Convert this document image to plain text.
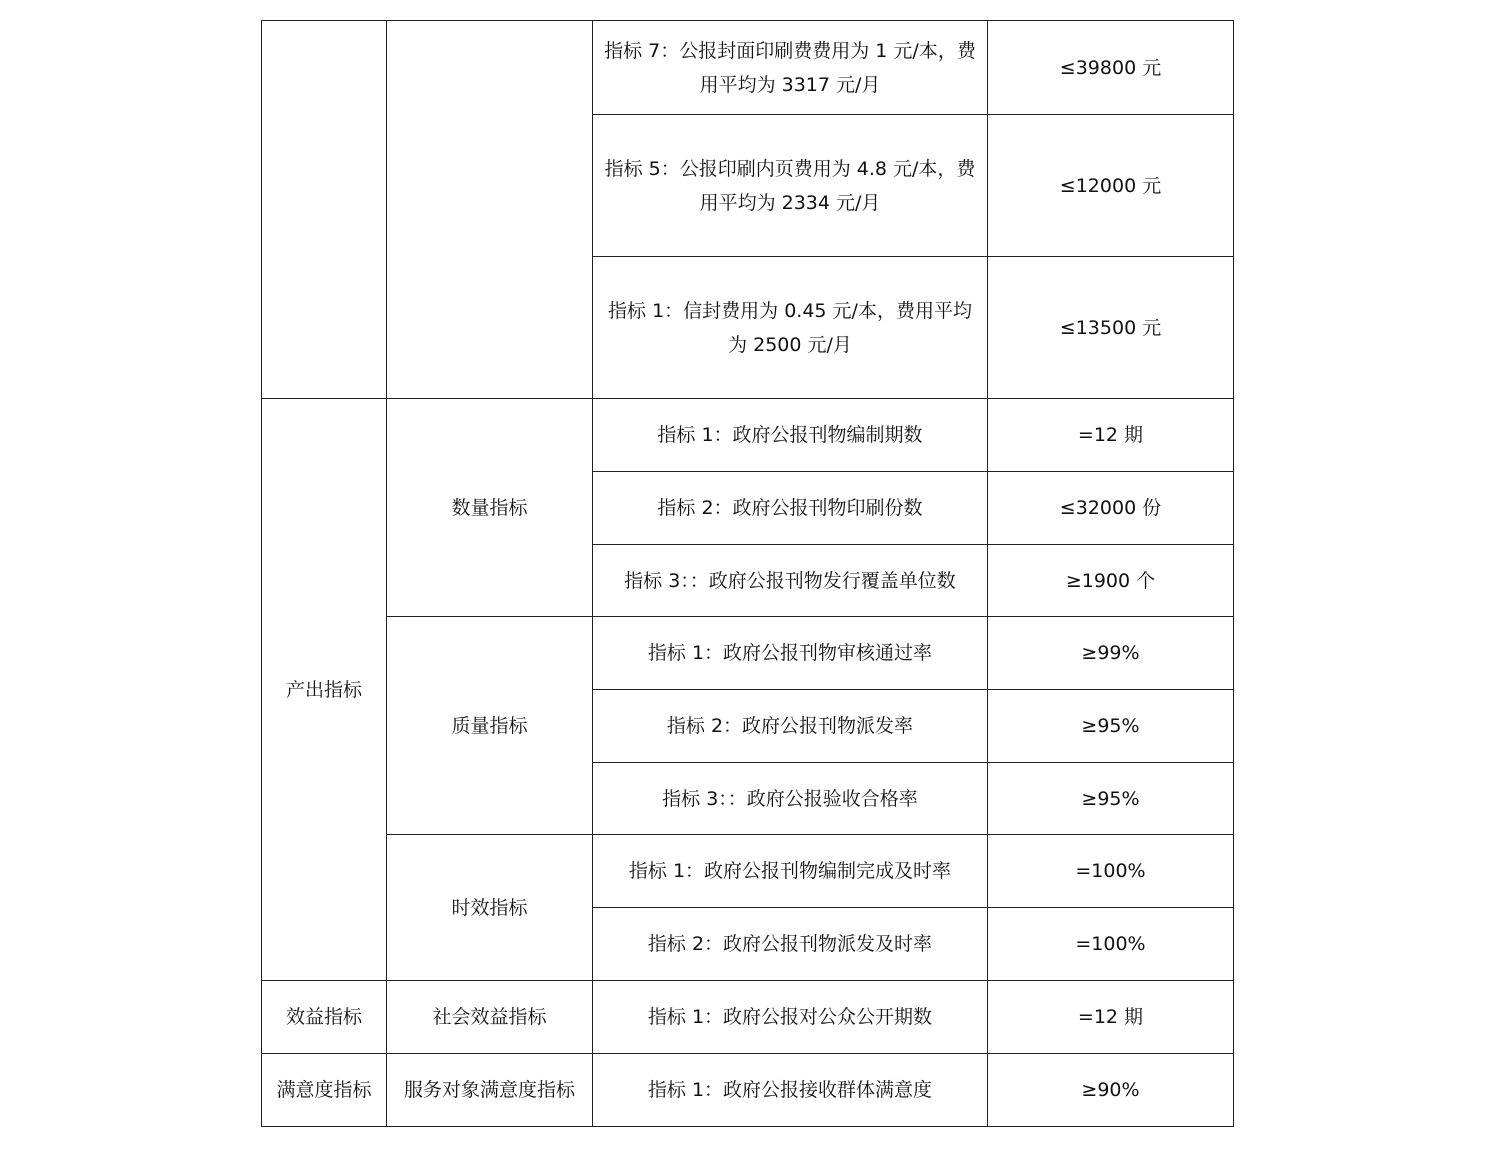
		指标 7：公报封面印刷费费用为 1 元/本，费用平均为 3317 元/月	≤39800 元
		指标 5：公报印刷内页费用为 4.8 元/本，费用平均为 2334 元/月	≤12000 元
		指标 1：信封费用为 0.45 元/本，费用平均为 2500 元/月	≤13500 元
产出指标	数量指标	指标 1：政府公报刊物编制期数	=12 期
		指标 2：政府公报刊物印刷份数	≤32000 份
		指标 3：：政府公报刊物发行覆盖单位数	≥1900 个
	质量指标	指标 1：政府公报刊物审核通过率	≥99%
		指标 2：政府公报刊物派发率	≥95%
		指标 3：：政府公报验收合格率	≥95%
	时效指标	指标 1：政府公报刊物编制完成及时率	=100%
		指标 2：政府公报刊物派发及时率	=100%
效益指标	社会效益指标	指标 1：政府公报对公众公开期数	=12 期
满意度指标	服务对象满意度指标	指标 1：政府公报接收群体满意度	≥90%
